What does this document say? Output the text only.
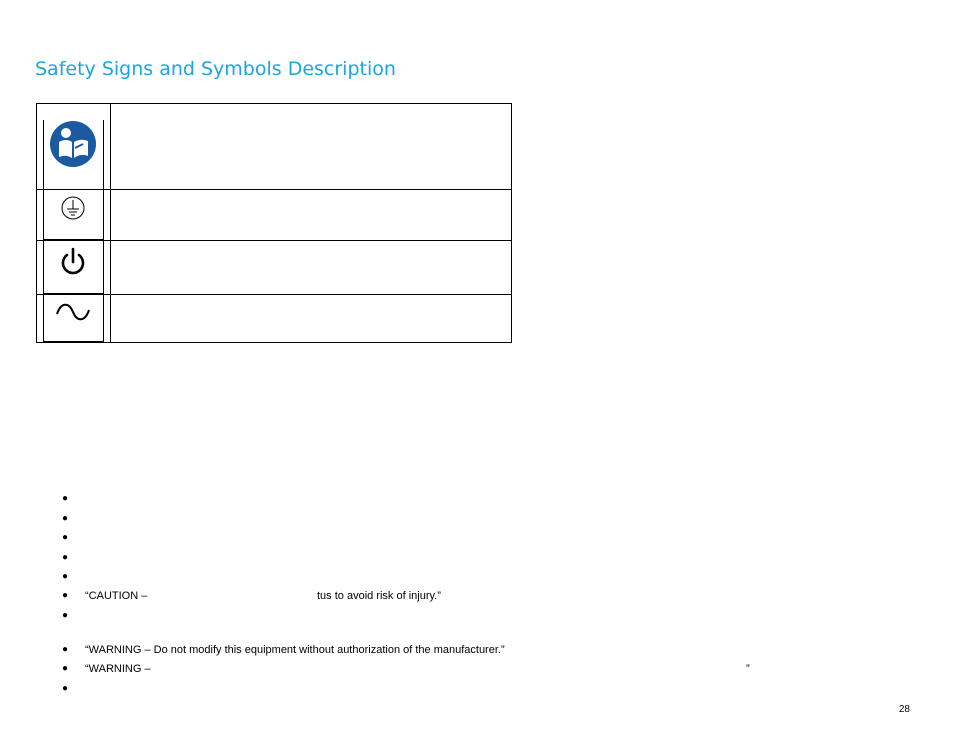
Safety Signs and Symbols Description
●
●
●
●
●
● “CAUTION –	tus to avoid risk of injury.”
●
● “WARNING – Do not modify this equipment without authorization of the manufacturer.”
● “WARNING –	”
●
28
